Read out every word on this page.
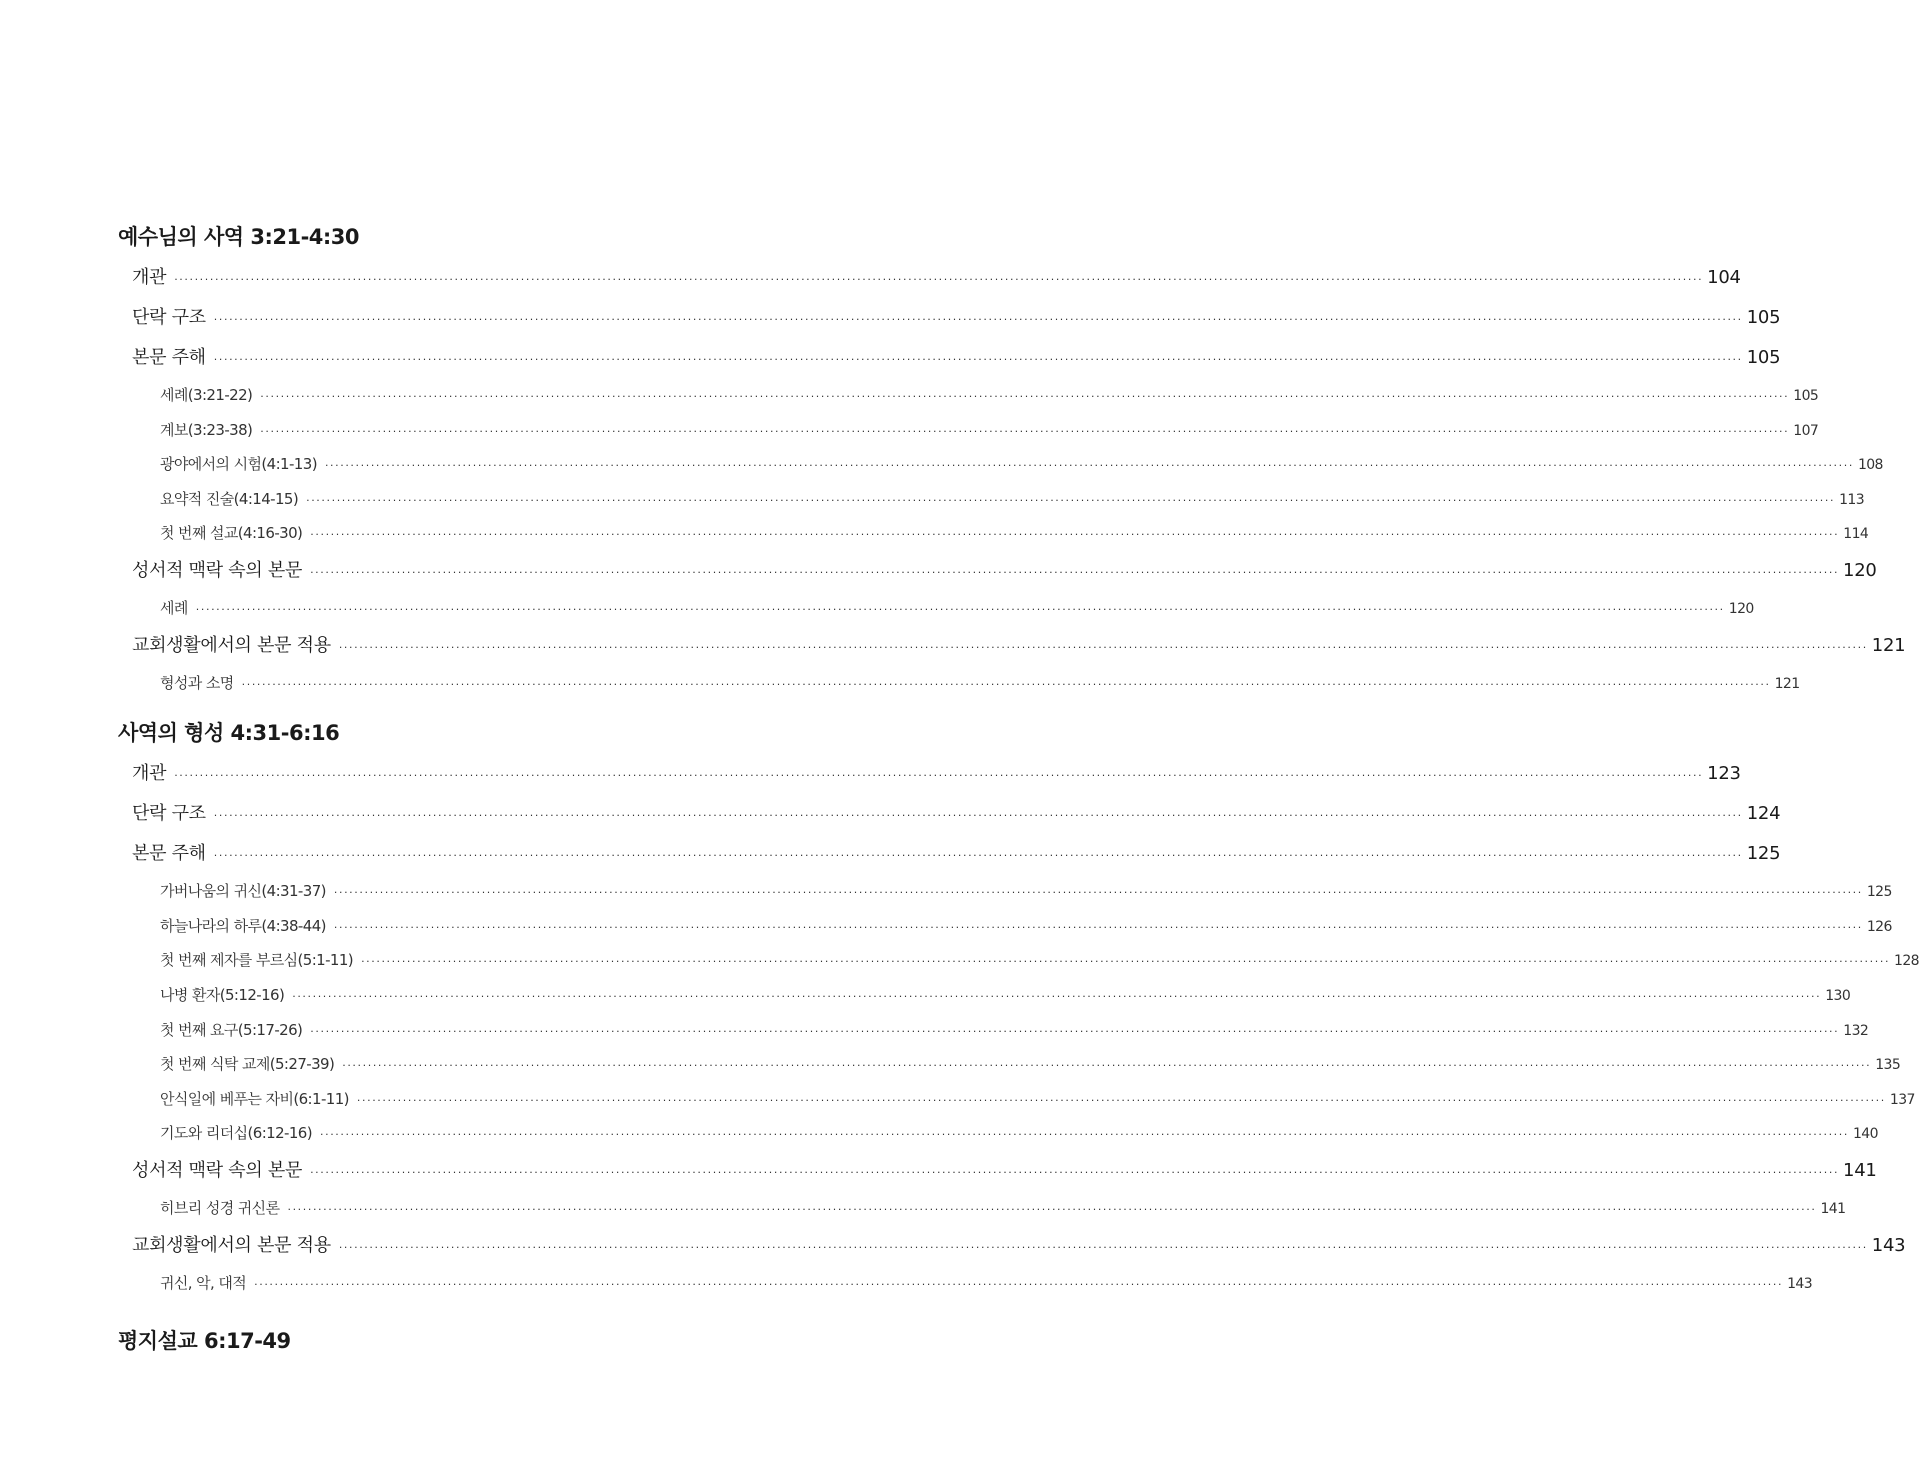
예수님의 사역 3:21-4:30
개관 ············································································································································································································································································································ 104
단락 구조 ············································································································································································································································································································ 105
본문 주해 ············································································································································································································································································································ 105
세례(3:21-22) ············································································································································································································································································································ 105
계보(3:23-38) ············································································································································································································································································································ 107
광야에서의 시험(4:1-13) ············································································································································································································································································································ 108
요약적 진술(4:14-15) ············································································································································································································································································································ 113
첫 번째 설교(4:16-30) ············································································································································································································································································································ 114
성서적 맥락 속의 본문 ············································································································································································································································································································ 120
세례 ············································································································································································································································································································ 120
교회생활에서의 본문 적용 ············································································································································································································································································································ 121
형성과 소명 ············································································································································································································································································································ 121
사역의 형성 4:31-6:16
개관 ············································································································································································································································································································ 123
단락 구조 ············································································································································································································································································································ 124
본문 주해 ············································································································································································································································································································ 125
가버나움의 귀신(4:31-37) ············································································································································································································································································································ 125
하늘나라의 하루(4:38-44) ············································································································································································································································································································ 126
첫 번째 제자를 부르심(5:1-11) ············································································································································································································································································································ 128
나병 환자(5:12-16) ············································································································································································································································································································ 130
첫 번째 요구(5:17-26) ············································································································································································································································································································ 132
첫 번째 식탁 교제(5:27-39) ············································································································································································································································································································ 135
안식일에 베푸는 자비(6:1-11) ············································································································································································································································································································ 137
기도와 리더십(6:12-16) ············································································································································································································································································································ 140
성서적 맥락 속의 본문 ············································································································································································································································································································ 141
히브리 성경 귀신론 ············································································································································································································································································································ 141
교회생활에서의 본문 적용 ············································································································································································································································································································ 143
귀신, 악, 대적 ············································································································································································································································································································ 143
평지설교 6:17-49
